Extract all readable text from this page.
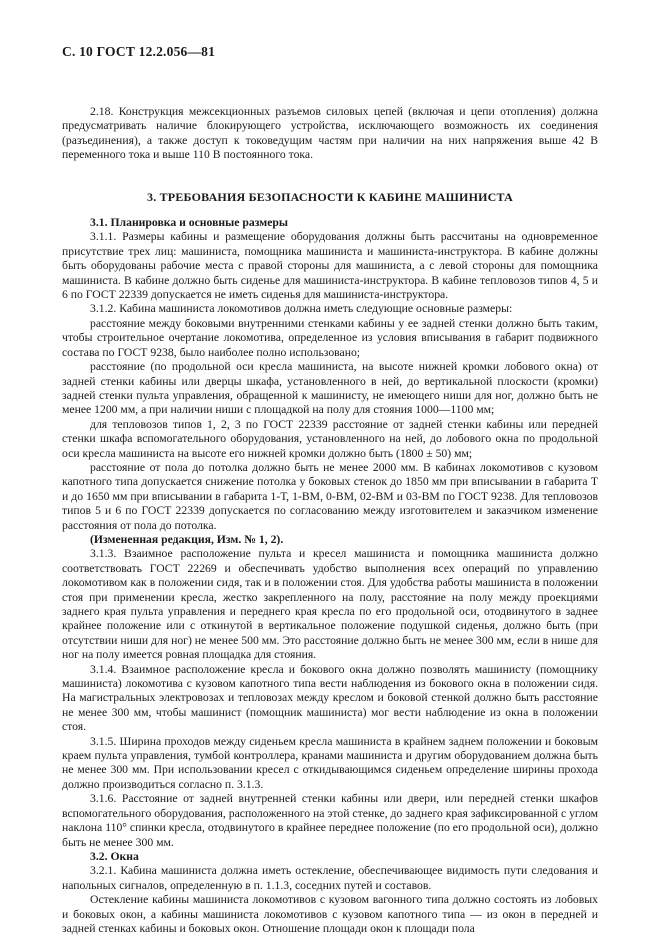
С. 10 ГОСТ 12.2.056—81

2.18. Конструкция межсекционных разъемов силовых цепей (включая и цепи отопления) должна предусматривать наличие блокирующего устройства, исключающего возможность их соединения (разъединения), а также доступ к токоведущим частям при наличии на них напряжения выше 42 В переменного тока и выше 110 В постоянного тока.

3. ТРЕБОВАНИЯ БЕЗОПАСНОСТИ К КАБИНЕ МАШИНИСТА

3.1. Планировка и основные размеры

3.1.1. Размеры кабины и размещение оборудования должны быть рассчитаны на одновременное присутствие трех лиц: машиниста, помощника машиниста и машиниста-инструктора. В кабине должны быть оборудованы рабочие места с правой стороны для машиниста, а с левой стороны для помощника машиниста. В кабине должно быть сиденье для машиниста-инструктора. В кабине тепловозов типов 4, 5 и 6 по ГОСТ 22339 допускается не иметь сиденья для машиниста-инструктора.

3.1.2. Кабина машиниста локомотивов должна иметь следующие основные размеры:

расстояние между боковыми внутренними стенками кабины у ее задней стенки должно быть таким, чтобы строительное очертание локомотива, определенное из условия вписывания в габарит подвижного состава по ГОСТ 9238, было наиболее полно использовано;

расстояние (по продольной оси кресла машиниста, на высоте нижней кромки лобового окна) от задней стенки кабины или дверцы шкафа, установленного в ней, до вертикальной плоскости (кромки) задней стенки пульта управления, обращенной к машинисту, не имеющего ниши для ног, должно быть не менее 1200 мм, а при наличии ниши с площадкой на полу для стояния 1000—1100 мм;

для тепловозов типов 1, 2, 3 по ГОСТ 22339 расстояние от задней стенки кабины или передней стенки шкафа вспомогательного оборудования, установленного на ней, до лобового окна по продольной оси кресла машиниста на высоте его нижней кромки должно быть (1800 ± 50) мм;

расстояние от пола до потолка должно быть не менее 2000 мм. В кабинах локомотивов с кузовом капотного типа допускается снижение потолка у боковых стенок до 1850 мм при вписывании в габарита Т и до 1650 мм при вписывании в габарита 1-Т, 1-ВМ, 0-ВМ, 02-ВМ и 03-ВМ по ГОСТ 9238. Для тепловозов типов 5 и 6 по ГОСТ 22339 допускается по согласованию между изготовителем и заказчиком изменение расстояния от пола до потолка.

(Измененная редакция, Изм. № 1, 2).

3.1.3. Взаимное расположение пульта и кресел машиниста и помощника машиниста должно соответствовать ГОСТ 22269 и обеспечивать удобство выполнения всех операций по управлению локомотивом как в положении сидя, так и в положении стоя. Для удобства работы машиниста в положении стоя при применении кресла, жестко закрепленного на полу, расстояние на полу между проекциями заднего края пульта управления и переднего края кресла по его продольной оси, отодвинутого в заднее крайнее положение или с откинутой в вертикальное положение подушкой сиденья, должно быть (при отсутствии ниши для ног) не менее 500 мм. Это расстояние должно быть не менее 300 мм, если в нише для ног на полу имеется ровная площадка для стояния.

3.1.4. Взаимное расположение кресла и бокового окна должно позволять машинисту (помощнику машиниста) локомотива с кузовом капотного типа вести наблюдения из бокового окна в положении сидя. На магистральных электровозах и тепловозах между креслом и боковой стенкой должно быть расстояние не менее 300 мм, чтобы машинист (помощник машиниста) мог вести наблюдение из окна в положении стоя.

3.1.5. Ширина проходов между сиденьем кресла машиниста в крайнем заднем положении и боковым краем пульта управления, тумбой контроллера, кранами машиниста и другим оборудованием должна быть не менее 300 мм. При использовании кресел с откидывающимся сиденьем определение ширины прохода должно производиться согласно п. 3.1.3.

3.1.6. Расстояние от задней внутренней стенки кабины или двери, или передней стенки шкафов вспомогательного оборудования, расположенного на этой стенке, до заднего края зафиксированной с углом наклона 110° спинки кресла, отодвинутого в крайнее переднее положение (по его продольной оси), должно быть не менее 300 мм.

3.2. Окна

3.2.1. Кабина машиниста должна иметь остекление, обеспечивающее видимость пути следования и напольных сигналов, определенную в п. 1.1.3, соседних путей и составов.

Остекление кабины машиниста локомотивов с кузовом вагонного типа должно состоять из лобовых и боковых окон, а кабины машиниста локомотивов с кузовом капотного типа — из окон в передней и задней стенках кабины и боковых окон. Отношение площади окон к площади пола
